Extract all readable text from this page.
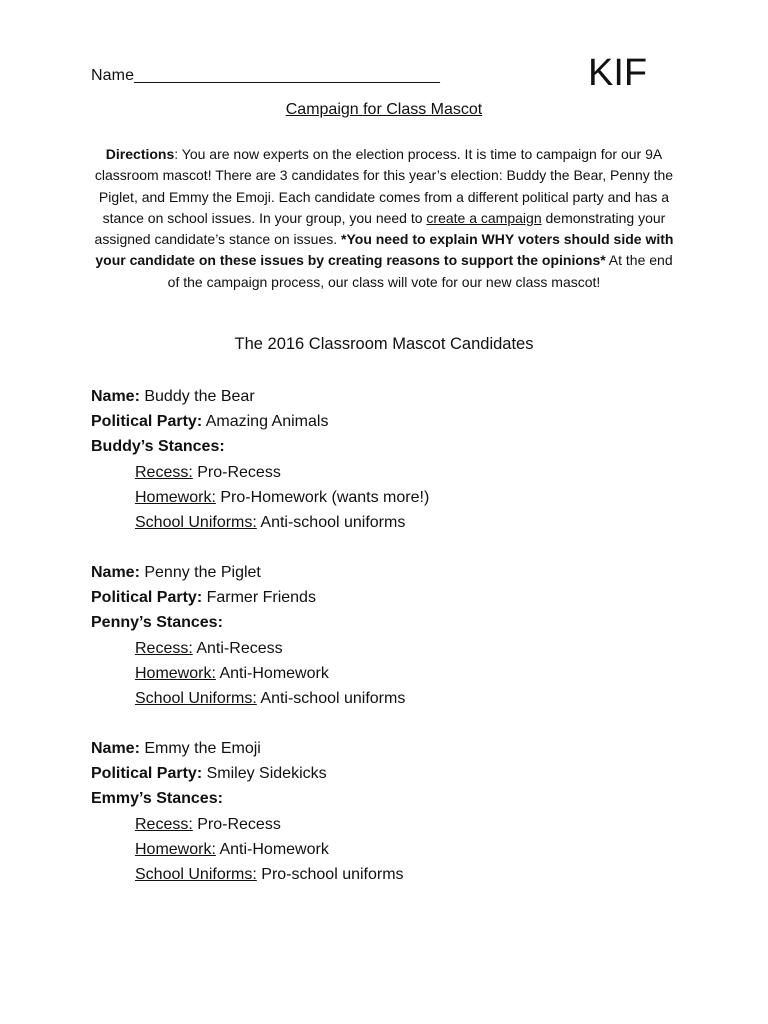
Name__________________________________	KIF
Campaign for Class Mascot
Directions: You are now experts on the election process. It is time to campaign for our 9A classroom mascot! There are 3 candidates for this year’s election: Buddy the Bear, Penny the Piglet, and Emmy the Emoji. Each candidate comes from a different political party and has a stance on school issues. In your group, you need to create a campaign demonstrating your assigned candidate’s stance on issues. *You need to explain WHY voters should side with your candidate on these issues by creating reasons to support the opinions* At the end of the campaign process, our class will vote for our new class mascot!
The 2016 Classroom Mascot Candidates
Name: Buddy the Bear
Political Party: Amazing Animals
Buddy’s Stances:
Recess: Pro-Recess
Homework: Pro-Homework (wants more!)
School Uniforms: Anti-school uniforms
Name: Penny the Piglet
Political Party: Farmer Friends
Penny’s Stances:
Recess: Anti-Recess
Homework: Anti-Homework
School Uniforms: Anti-school uniforms
Name: Emmy the Emoji
Political Party: Smiley Sidekicks
Emmy’s Stances:
Recess: Pro-Recess
Homework: Anti-Homework
School Uniforms: Pro-school uniforms
